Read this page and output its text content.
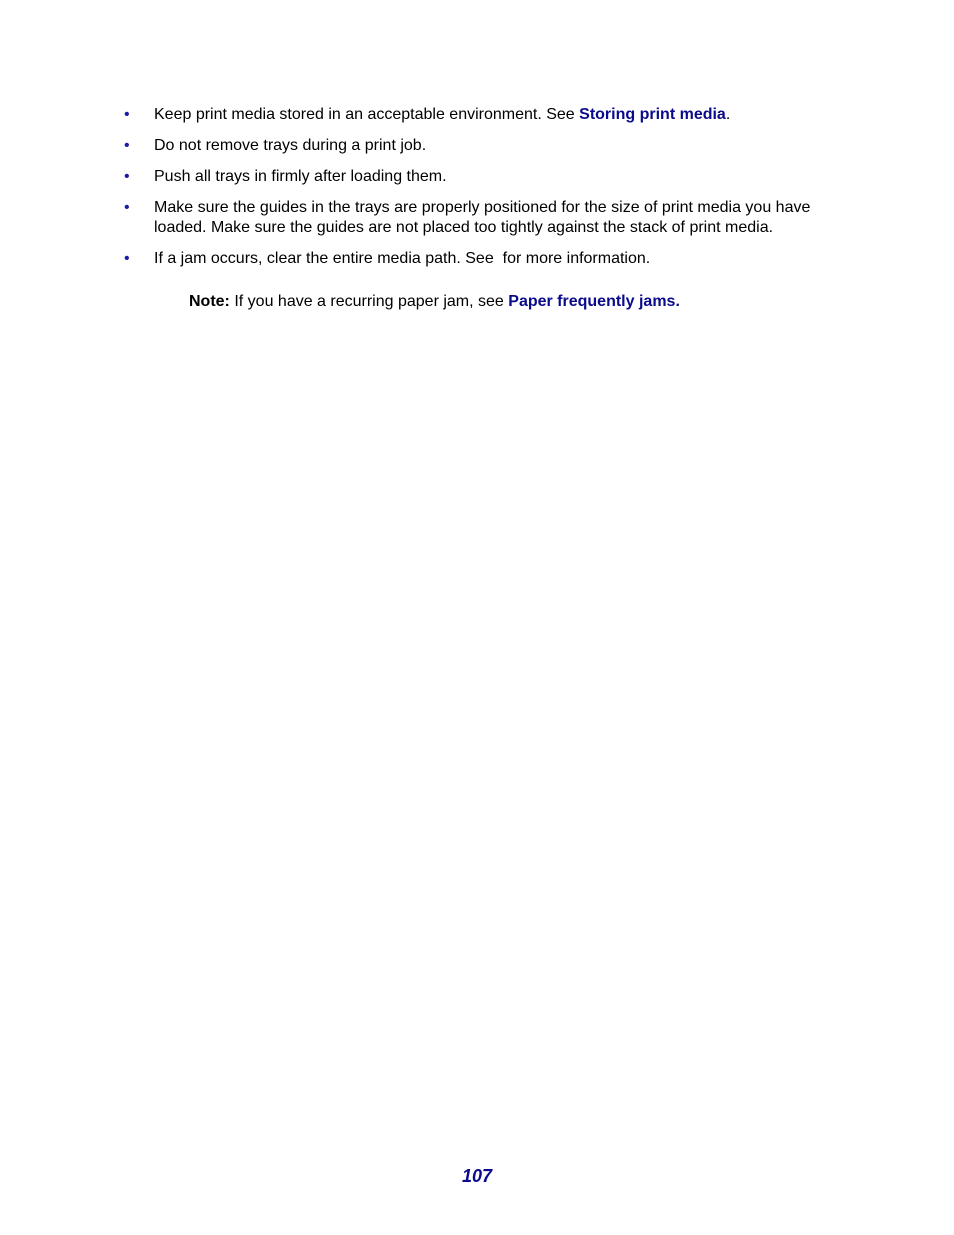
• Keep print media stored in an acceptable environment. See Storing print media.
• Do not remove trays during a print job.
• Push all trays in firmly after loading them.
• Make sure the guides in the trays are properly positioned for the size of print media you have loaded. Make sure the guides are not placed too tightly against the stack of print media.
• If a jam occurs, clear the entire media path. See  for more information.
Note: If you have a recurring paper jam, see Paper frequently jams.
107
